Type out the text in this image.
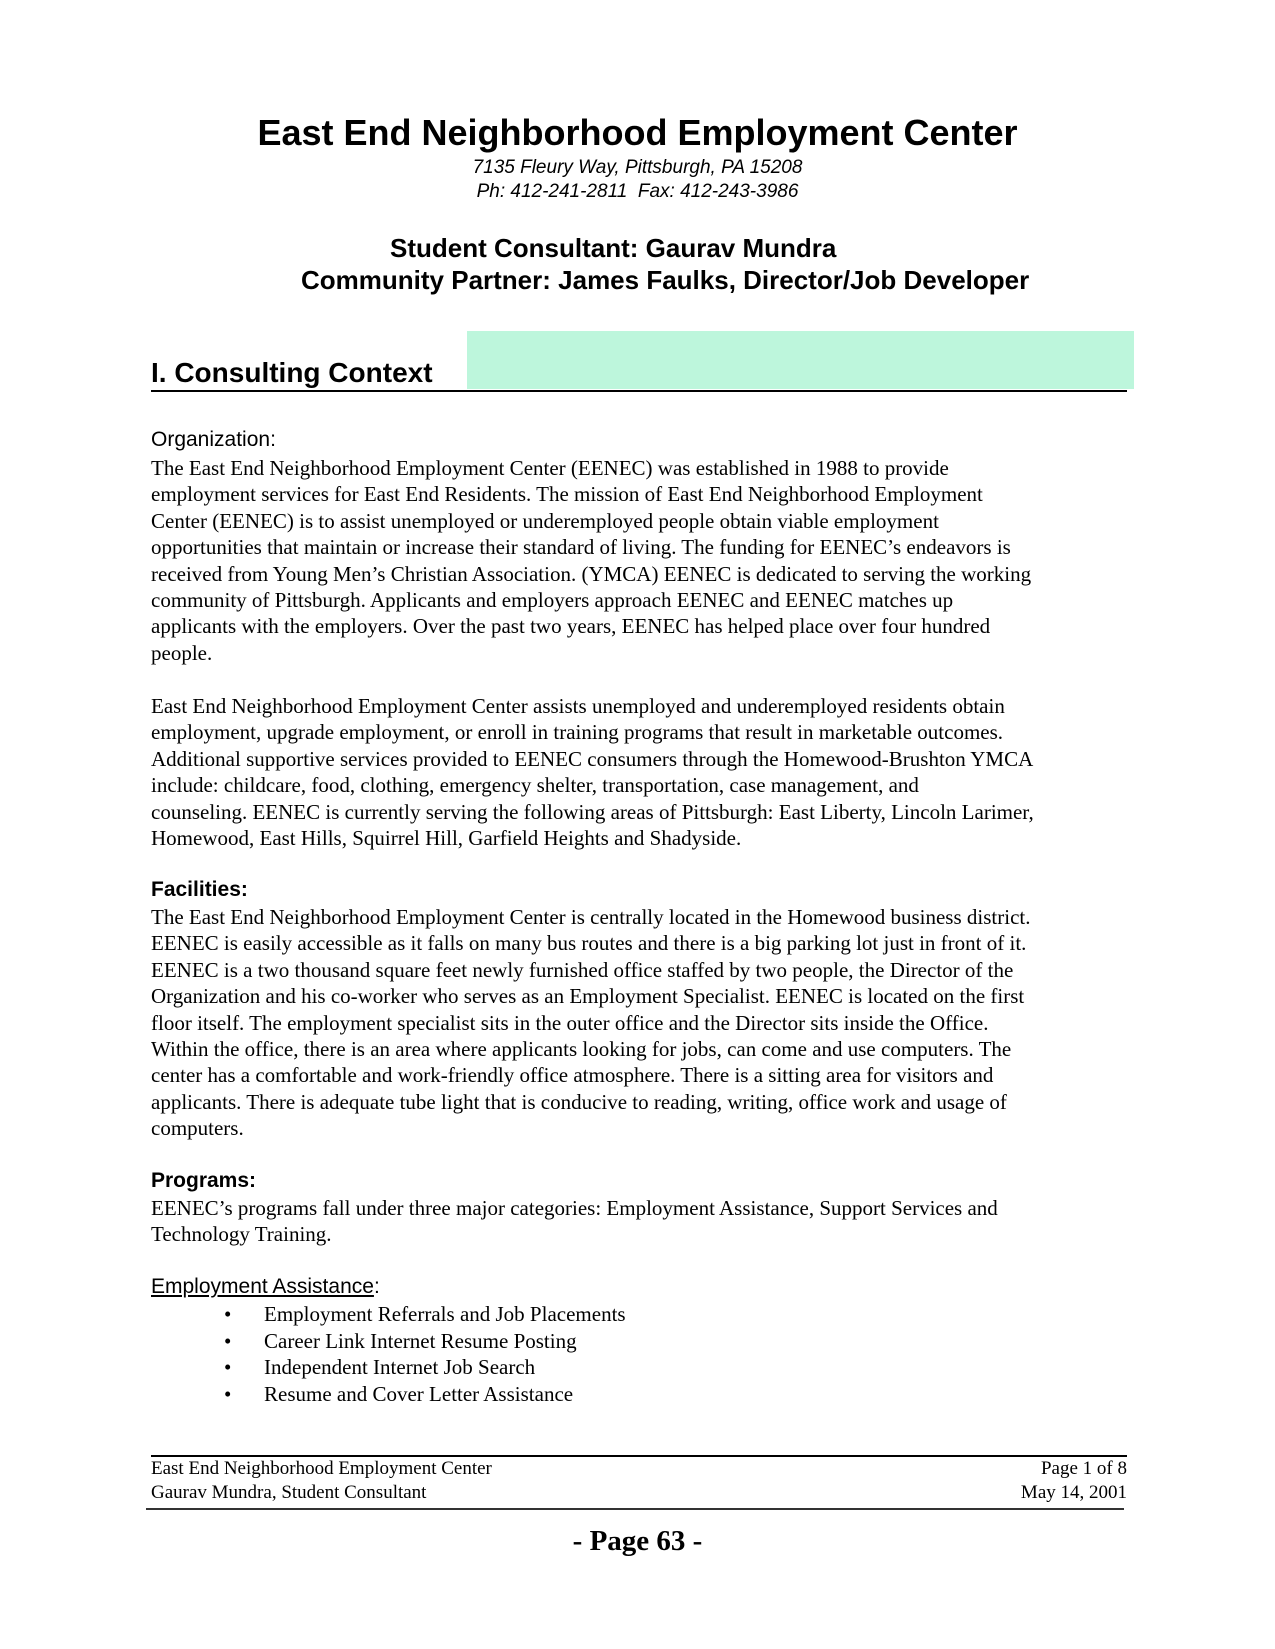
East End Neighborhood Employment Center
7135 Fleury Way, Pittsburgh, PA 15208
Ph: 412-241-2811  Fax: 412-243-3986
Student Consultant: Gaurav Mundra
Community Partner: James Faulks, Director/Job Developer
I. Consulting Context
Organization:
The East End Neighborhood Employment Center (EENEC) was established in 1988 to provide
employment services for East End Residents. The mission of East End Neighborhood Employment
Center (EENEC) is to assist unemployed or underemployed people obtain viable employment
opportunities that maintain or increase their standard of living. The funding for EENEC’s endeavors is
received from Young Men’s Christian Association. (YMCA) EENEC is dedicated to serving the working
community of Pittsburgh. Applicants and employers approach EENEC and EENEC matches up
applicants with the employers. Over the past two years, EENEC has helped place over four hundred
people.
East End Neighborhood Employment Center assists unemployed and underemployed residents obtain
employment, upgrade employment, or enroll in training programs that result in marketable outcomes.
Additional supportive services provided to EENEC consumers through the Homewood-Brushton YMCA
include: childcare, food, clothing, emergency shelter, transportation, case management, and
counseling. EENEC is currently serving the following areas of Pittsburgh: East Liberty, Lincoln Larimer,
Homewood, East Hills, Squirrel Hill, Garfield Heights and Shadyside.
Facilities:
The East End Neighborhood Employment Center is centrally located in the Homewood business district.
EENEC is easily accessible as it falls on many bus routes and there is a big parking lot just in front of it.
EENEC is a two thousand square feet newly furnished office staffed by two people, the Director of the
Organization and his co-worker who serves as an Employment Specialist. EENEC is located on the first
floor itself. The employment specialist sits in the outer office and the Director sits inside the Office.
Within the office, there is an area where applicants looking for jobs, can come and use computers. The
center has a comfortable and work-friendly office atmosphere. There is a sitting area for visitors and
applicants. There is adequate tube light that is conducive to reading, writing, office work and usage of
computers.
Programs:
EENEC’s programs fall under three major categories: Employment Assistance, Support Services and
Technology Training.
Employment Assistance:
• Employment Referrals and Job Placements
• Career Link Internet Resume Posting
• Independent Internet Job Search
• Resume and Cover Letter Assistance
East End Neighborhood Employment Center
Gaurav Mundra, Student Consultant
Page 1 of 8
May 14, 2001
- Page 63 -
